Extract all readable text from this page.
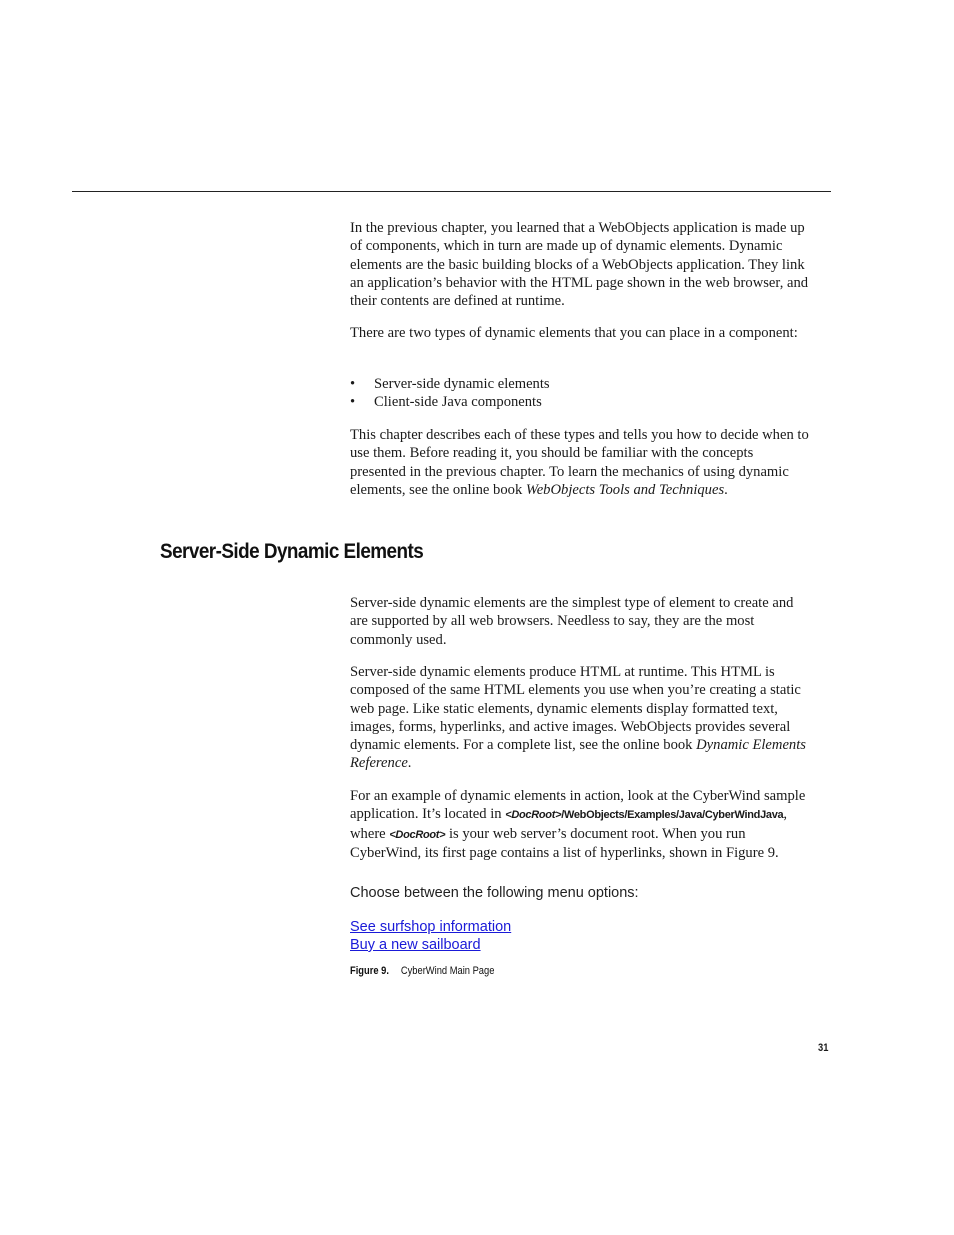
In the previous chapter, you learned that a WebObjects application is made up of components, which in turn are made up of dynamic elements. Dynamic elements are the basic building blocks of a WebObjects application. They link an application’s behavior with the HTML page shown in the web browser, and their contents are defined at runtime.

There are two types of dynamic elements that you can place in a component:

• Server-side dynamic elements
• Client-side Java components

This chapter describes each of these types and tells you how to decide when to use them. Before reading it, you should be familiar with the concepts presented in the previous chapter. To learn the mechanics of using dynamic elements, see the online book WebObjects Tools and Techniques.

Server-Side Dynamic Elements

Server-side dynamic elements are the simplest type of element to create and are supported by all web browsers. Needless to say, they are the most commonly used.

Server-side dynamic elements produce HTML at runtime. This HTML is composed of the same HTML elements you use when you’re creating a static web page. Like static elements, dynamic elements display formatted text, images, forms, hyperlinks, and active images. WebObjects provides several dynamic elements. For a complete list, see the online book Dynamic Elements Reference.

For an example of dynamic elements in action, look at the CyberWind sample application. It’s located in <DocRoot>/WebObjects/Examples/Java/CyberWindJava, where <DocRoot> is your web server’s document root. When you run CyberWind, its first page contains a list of hyperlinks, shown in Figure 9.

Choose between the following menu options:
See surfshop information
Buy a new sailboard
Figure 9. CyberWind Main Page
31
